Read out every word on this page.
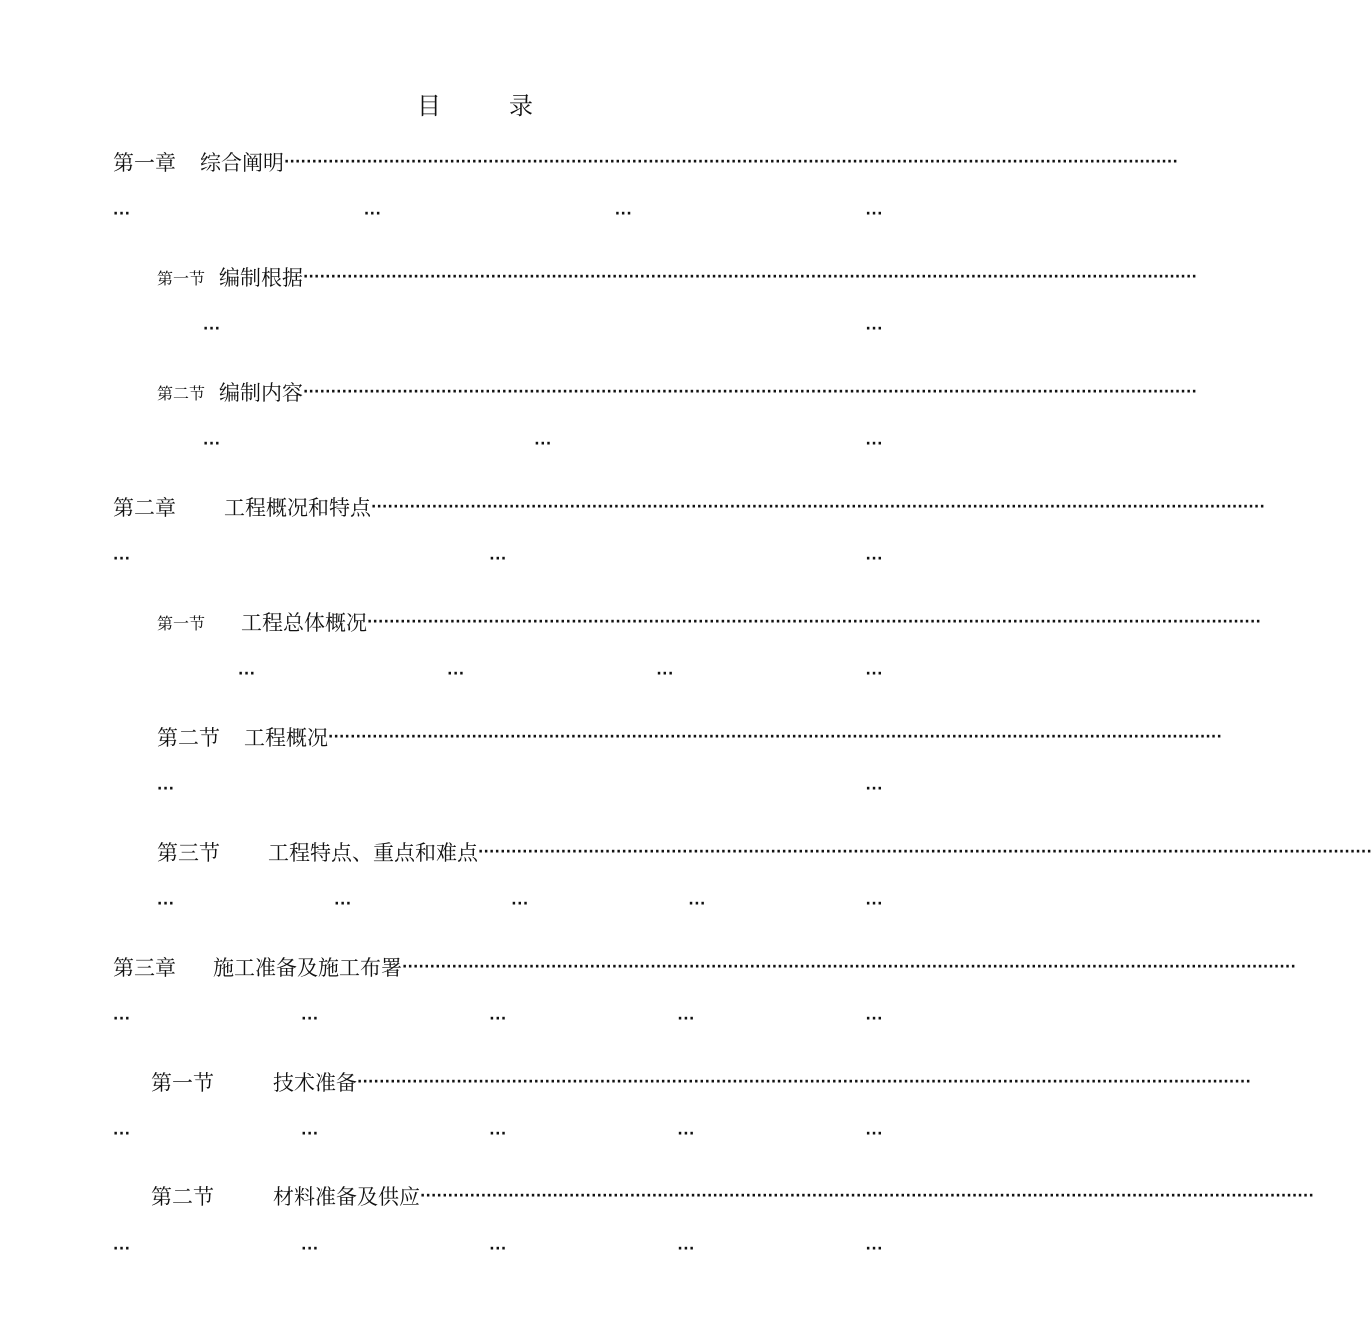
目	录
第一章 综合阐明 ··································································································································································
···	···	···	···
第一节 编制根据 ··································································································································································
···	···
第二节 编制内容 ··································································································································································
···	···	···
第二章 工程概况和特点 ··································································································································································
···	···	···
第一节 工程总体概况 ··································································································································································
···	···	···	···
第二节 工程概况 ··································································································································································
···	···
第三节 工程特点、重点和难点 ··································································································································································
···	···	···	···	···
第三章 施工准备及施工布署 ··································································································································································
···	···	···	···	···
第一节	技术准备 ··································································································································································
···	···	···	···	···
第二节	材料准备及供应 ··································································································································································
···	···	···	···	···
